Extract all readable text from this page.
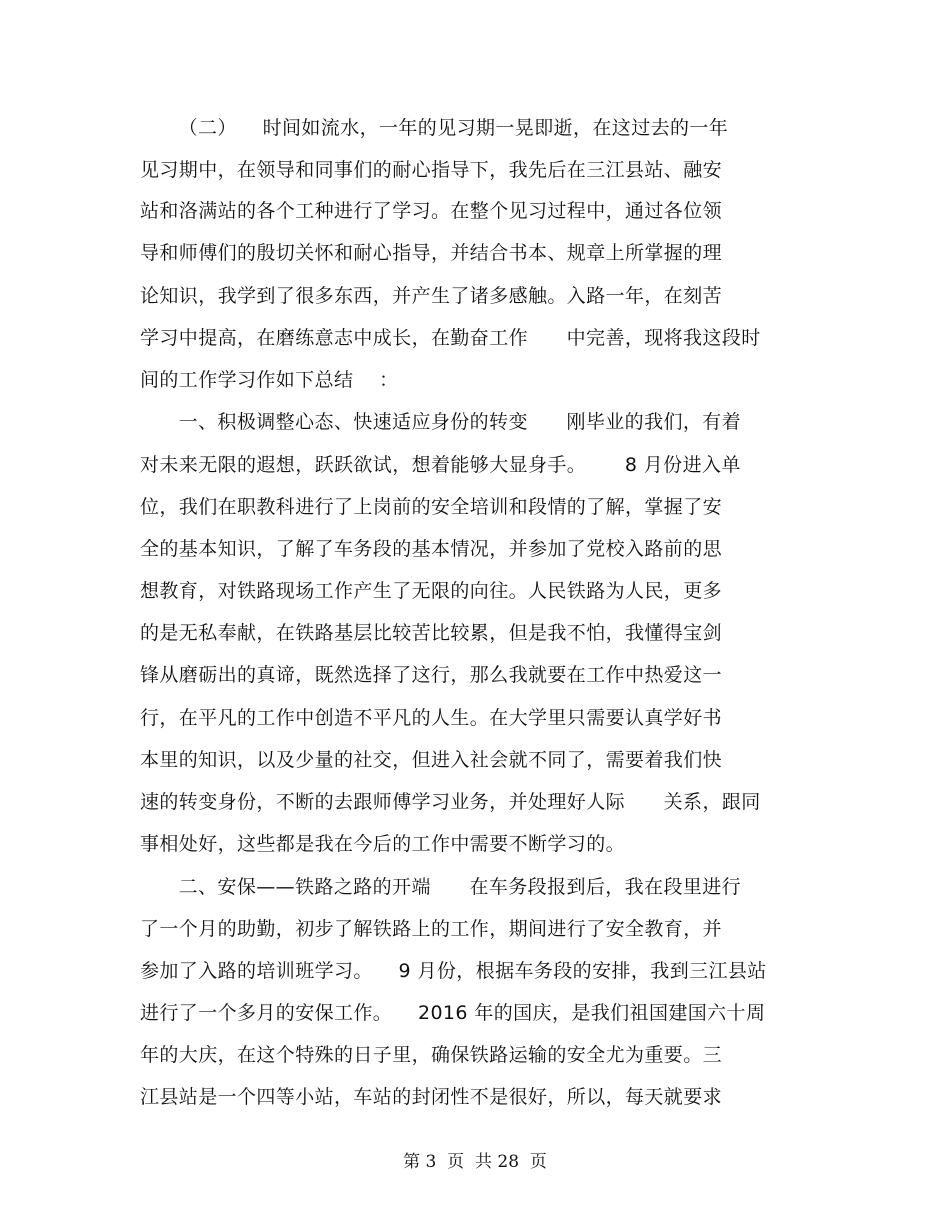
（二）    时间如流水，一年的见习期一晃即逝，在这过去的一年
见习期中，在领导和同事们的耐心指导下，我先后在三江县站、融安
站和洛满站的各个工种进行了学习。在整个见习过程中，通过各位领
导和师傅们的殷切关怀和耐心指导，并结合书本、规章上所掌握的理
论知识，我学到了很多东西，并产生了诸多感触。入路一年，在刻苦
学习中提高，在磨练意志中成长，在勤奋工作      中完善，现将我这段时
间的工作学习作如下总结    ：
一、积极调整心态、快速适应身份的转变      刚毕业的我们，有着
对未来无限的遐想，跃跃欲试，想着能够大显身手。      8 月份进入单
位，我们在职教科进行了上岗前的安全培训和段情的了解，掌握了安
全的基本知识，了解了车务段的基本情况，并参加了党校入路前的思
想教育，对铁路现场工作产生了无限的向往。人民铁路为人民，更多
的是无私奉献，在铁路基层比较苦比较累，但是我不怕，我懂得宝剑
锋从磨砺出的真谛，既然选择了这行，那么我就要在工作中热爱这一
行，在平凡的工作中创造不平凡的人生。在大学里只需要认真学好书
本里的知识，以及少量的社交，但进入社会就不同了，需要着我们快
速的转变身份，不断的去跟师傅学习业务，并处理好人际      关系，跟同
事相处好，这些都是我在今后的工作中需要不断学习的。
二、安保——铁路之路的开端      在车务段报到后，我在段里进行
了一个月的助勤，初步了解铁路上的工作，期间进行了安全教育，并
参加了入路的培训班学习。    9 月份，根据车务段的安排，我到三江县站
进行了一个多月的安保工作。    2016 年的国庆，是我们祖国建国六十周
年的大庆，在这个特殊的日子里，确保铁路运输的安全尤为重要。三
江县站是一个四等小站，车站的封闭性不是很好，所以，每天就要求
第 3  页  共 28  页
